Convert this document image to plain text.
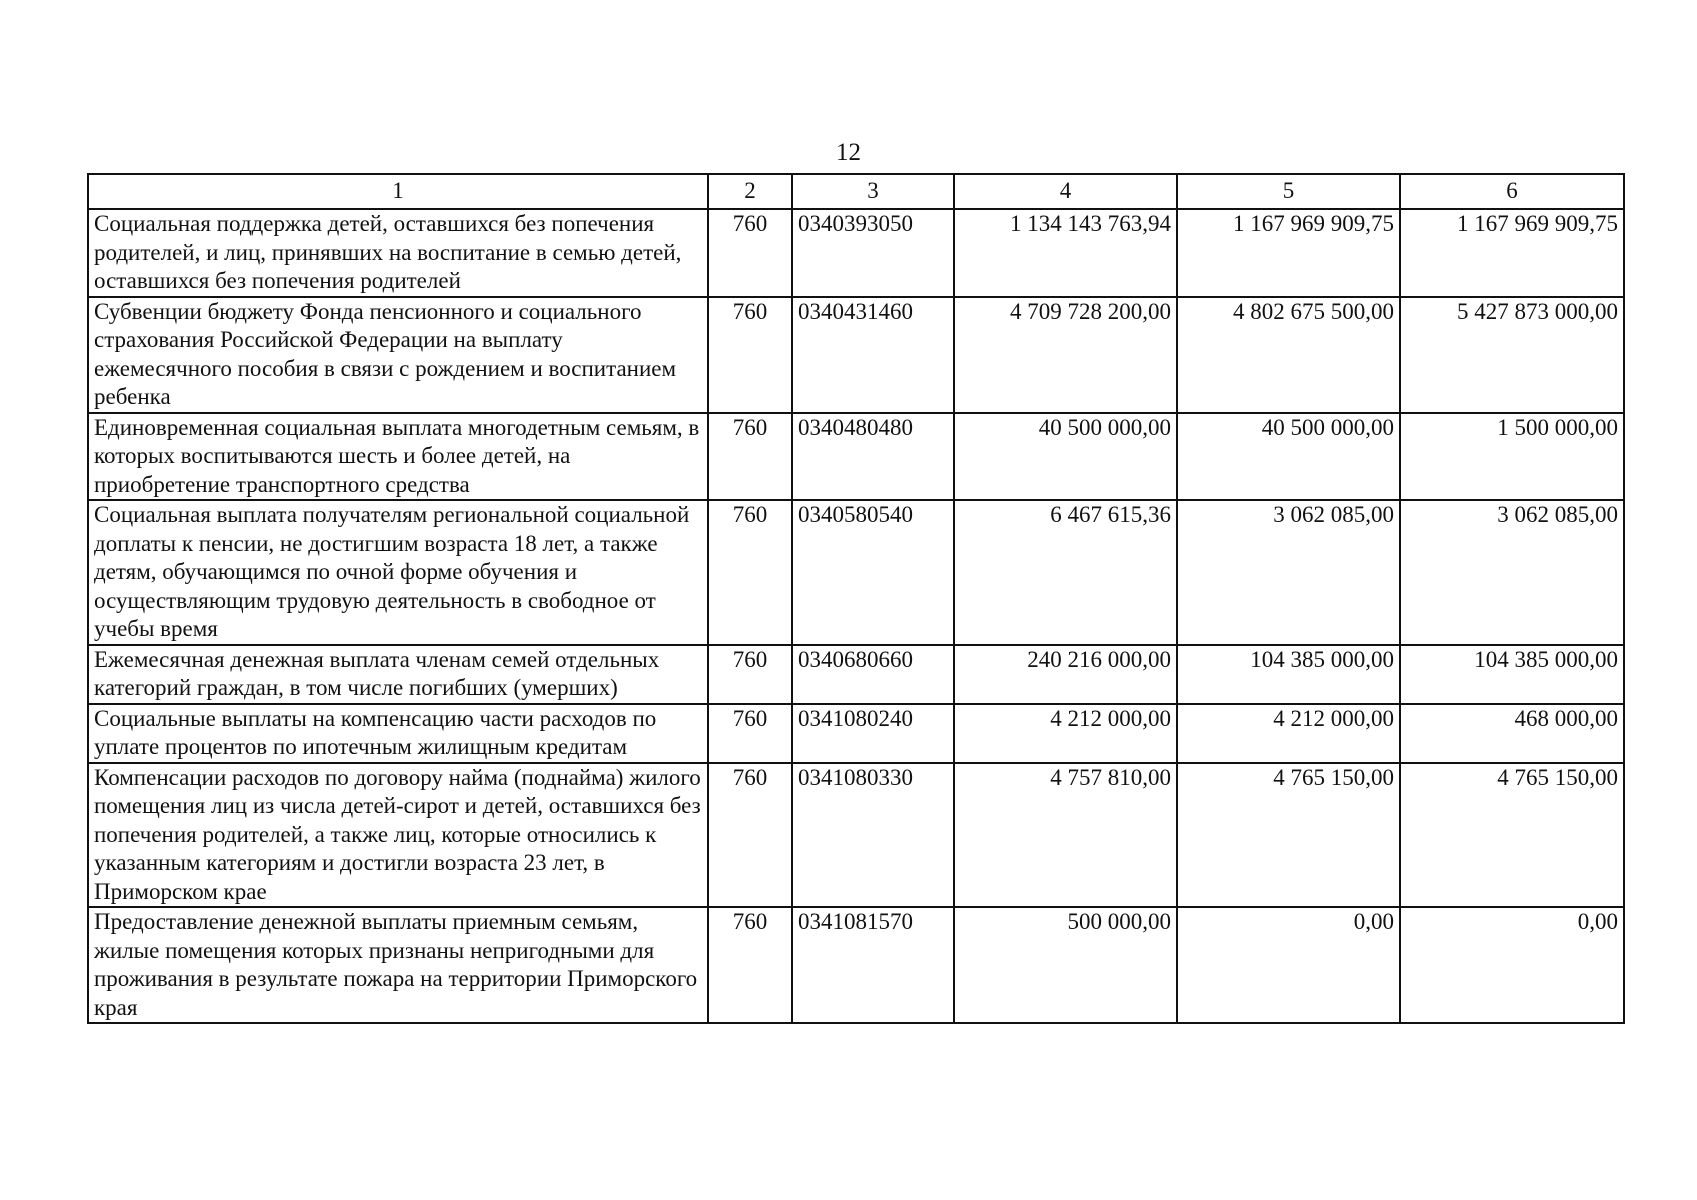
12
1	2	3	4	5	6
Социальная поддержка детей, оставшихся без попечения родителей, и лиц, принявших на воспитание в семью детей, оставшихся без попечения родителей	760	0340393050	1 134 143 763,94	1 167 969 909,75	1 167 969 909,75
Субвенции бюджету Фонда пенсионного и социального страхования Российской Федерации на выплату ежемесячного пособия в связи с рождением и воспитанием ребенка	760	0340431460	4 709 728 200,00	4 802 675 500,00	5 427 873 000,00
Единовременная социальная выплата многодетным семьям, в которых воспитываются шесть и более детей, на приобретение транспортного средства	760	0340480480	40 500 000,00	40 500 000,00	1 500 000,00
Социальная выплата получателям региональной социальной доплаты к пенсии, не достигшим возраста 18 лет, а также детям, обучающимся по очной форме обучения и осуществляющим трудовую деятельность в свободное от учебы время	760	0340580540	6 467 615,36	3 062 085,00	3 062 085,00
Ежемесячная денежная выплата членам семей отдельных категорий граждан, в том числе погибших (умерших)	760	0340680660	240 216 000,00	104 385 000,00	104 385 000,00
Социальные выплаты на компенсацию части расходов по уплате процентов по ипотечным жилищным кредитам	760	0341080240	4 212 000,00	4 212 000,00	468 000,00
Компенсации расходов по договору найма (поднайма) жилого помещения лиц из числа детей-сирот и детей, оставшихся без попечения родителей, а также лиц, которые относились к указанным категориям и достигли возраста 23 лет, в Приморском крае	760	0341080330	4 757 810,00	4 765 150,00	4 765 150,00
Предоставление денежной выплаты приемным семьям, жилые помещения которых признаны непригодными для проживания в результате пожара на территории Приморского края	760	0341081570	500 000,00	0,00	0,00
